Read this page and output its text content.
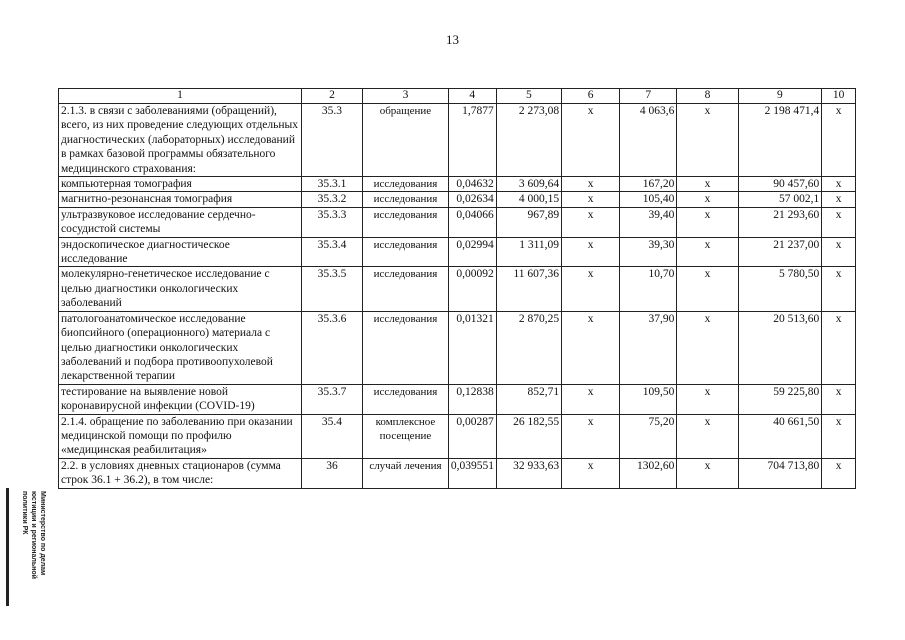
13
1	2	3	4	5	6	7	8	9	10
2.1.3. в связи с заболеваниями (обращений), всего, из них проведение следующих отдельных диагностических (лабораторных) исследований в рамках базовой программы обязательного медицинского страхования:	35.3	обращение	1,7877	2 273,08	x	4 063,6	x	2 198 471,4	x
компьютерная томография	35.3.1	исследования	0,04632	3 609,64	x	167,20	x	90 457,60	x
магнитно-резонансная томография	35.3.2	исследования	0,02634	4 000,15	x	105,40	x	57 002,1	x
ультразвуковое исследование сердечно-сосудистой системы	35.3.3	исследования	0,04066	967,89	x	39,40	x	21 293,60	x
эндоскопическое диагностическое исследование	35.3.4	исследования	0,02994	1 311,09	x	39,30	x	21 237,00	x
молекулярно-генетическое исследование с целью диагностики онкологических заболеваний	35.3.5	исследования	0,00092	11 607,36	x	10,70	x	5 780,50	x
патологоанатомическое исследование биопсийного (операционного) материала с целью диагностики онкологических заболеваний и подбора противоопухолевой лекарственной терапии	35.3.6	исследования	0,01321	2 870,25	x	37,90	x	20 513,60	x
тестирование на выявление новой коронавирусной инфекции (COVID-19)	35.3.7	исследования	0,12838	852,71	x	109,50	x	59 225,80	x
2.1.4. обращение по заболеванию при оказании медицинской помощи по профилю «медицинская реабилитация»	35.4	комплексное посещение	0,00287	26 182,55	x	75,20	x	40 661,50	x
2.2. в условиях дневных стационаров (сумма строк 36.1 + 36.2), в том числе:	36	случай лечения	0,039551	32 933,63	x	1302,60	x	704 713,80	x
Министерство по делам
юстиции и региональной
политики РК
